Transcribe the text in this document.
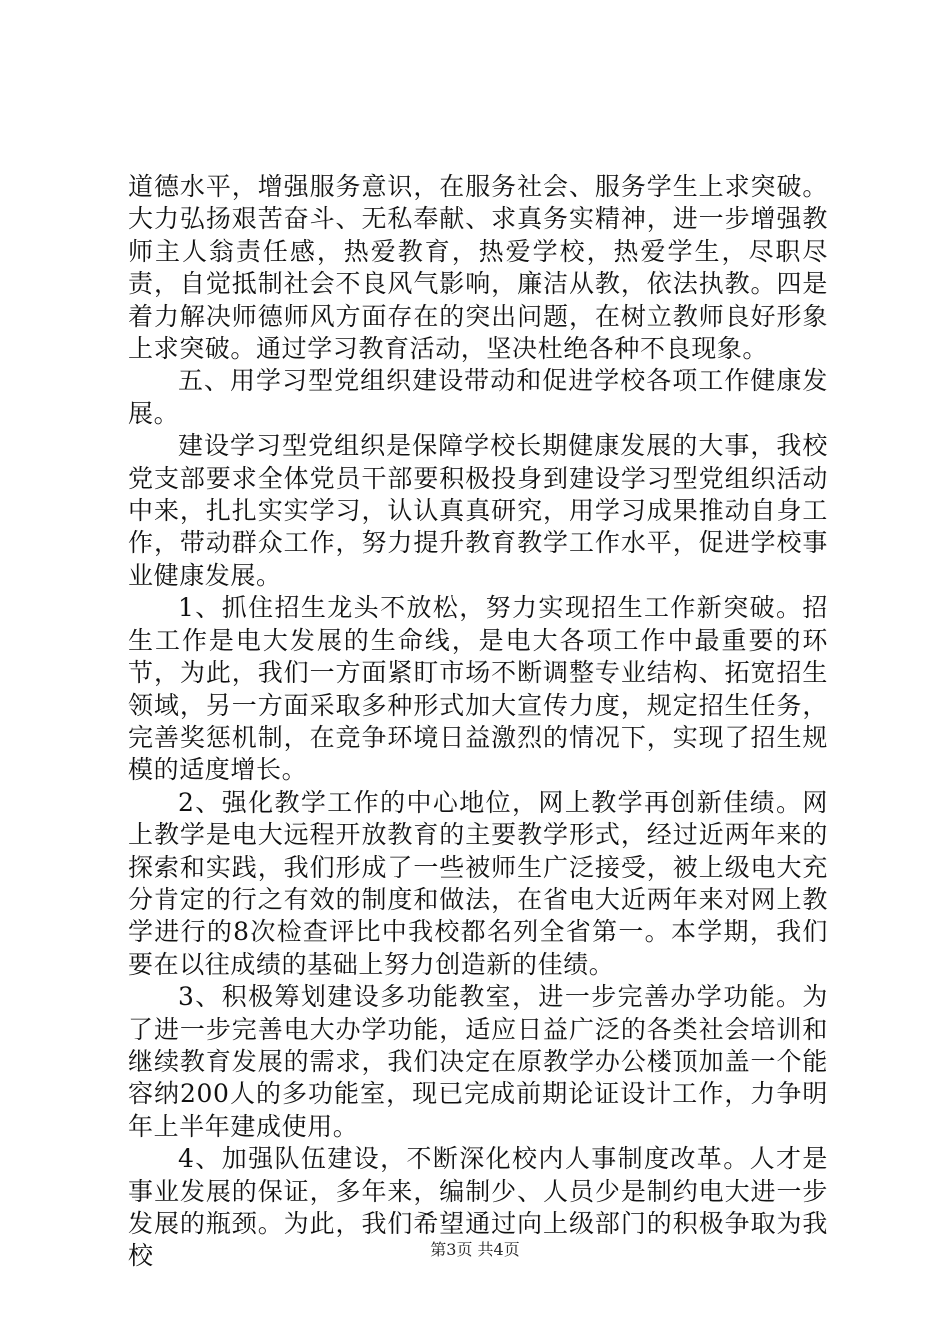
道德水平，增强服务意识，在服务社会、服务学生上求突破。大力弘扬艰苦奋斗、无私奉献、求真务实精神，进一步增强教师主人翁责任感，热爱教育，热爱学校，热爱学生，尽职尽责，自觉抵制社会不良风气影响，廉洁从教，依法执教。四是着力解决师德师风方面存在的突出问题，在树立教师良好形象上求突破。通过学习教育活动，坚决杜绝各种不良现象。

五、用学习型党组织建设带动和促进学校各项工作健康发展。

建设学习型党组织是保障学校长期健康发展的大事，我校党支部要求全体党员干部要积极投身到建设学习型党组织活动中来，扎扎实实学习，认认真真研究，用学习成果推动自身工作，带动群众工作，努力提升教育教学工作水平，促进学校事业健康发展。

1、抓住招生龙头不放松，努力实现招生工作新突破。招生工作是电大发展的生命线，是电大各项工作中最重要的环节，为此，我们一方面紧盯市场不断调整专业结构、拓宽招生领域，另一方面采取多种形式加大宣传力度，规定招生任务，完善奖惩机制，在竞争环境日益激烈的情况下，实现了招生规模的适度增长。

2、强化教学工作的中心地位，网上教学再创新佳绩。网上教学是电大远程开放教育的主要教学形式，经过近两年来的探索和实践，我们形成了一些被师生广泛接受，被上级电大充分肯定的行之有效的制度和做法，在省电大近两年来对网上教学进行的8次检查评比中我校都名列全省第一。本学期，我们要在以往成绩的基础上努力创造新的佳绩。

3、积极筹划建设多功能教室，进一步完善办学功能。为了进一步完善电大办学功能，适应日益广泛的各类社会培训和继续教育发展的需求，我们决定在原教学办公楼顶加盖一个能容纳200人的多功能室，现已完成前期论证设计工作，力争明年上半年建成使用。

4、加强队伍建设，不断深化校内人事制度改革。人才是事业发展的保证，多年来，编制少、人员少是制约电大进一步发展的瓶颈。为此，我们希望通过向上级部门的积极争取为我校	第3页 共4页
